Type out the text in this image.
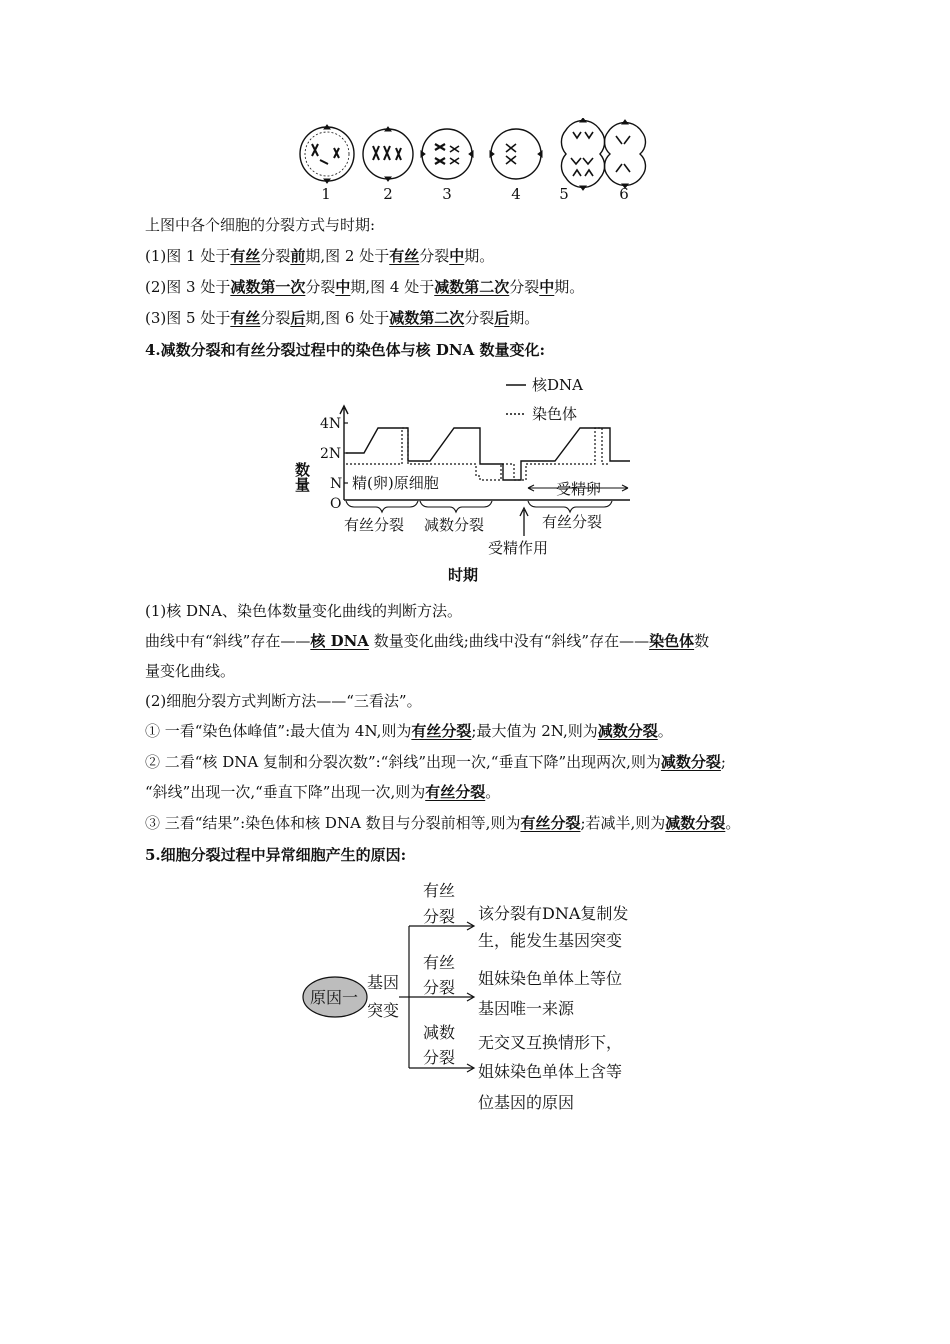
1	2	3	4	5	6
上图中各个细胞的分裂方式与时期:
(1)图 1 处于有丝分裂前期,图 2 处于有丝分裂中期。
(2)图 3 处于减数第一次分裂中期,图 4 处于减数第二次分裂中期。
(3)图 5 处于有丝分裂后期,图 6 处于减数第二次分裂后期。
4.减数分裂和有丝分裂过程中的染色体与核 DNA 数量变化:
核DNA
染色体
4N
2N
N
O
数量	精(卵)原细胞	受精卵
有丝分裂 减数分裂	有丝分裂
受精作用
时期
(1)核 DNA、染色体数量变化曲线的判断方法。
曲线中有“斜线”存在——核 DNA 数量变化曲线;曲线中没有“斜线”存在——染色体数
量变化曲线。
(2)细胞分裂方式判断方法——“三看法”。
① 一看“染色体峰值”:最大值为 4N,则为有丝分裂;最大值为 2N,则为减数分裂。
② 二看“核 DNA 复制和分裂次数”:“斜线”出现一次,“垂直下降”出现两次,则为减数分裂;
“斜线”出现一次,“垂直下降”出现一次,则为有丝分裂。
③ 三看“结果”:染色体和核 DNA 数目与分裂前相等,则为有丝分裂;若减半,则为减数分裂。
5.细胞分裂过程中异常细胞产生的原因:
原因一
基因
突变
有丝
分裂
有丝
分裂
减数
分裂
该分裂有DNA复制发
生，能发生基因突变
姐妹染色单体上等位
基因唯一来源
无交叉互换情形下，
姐妹染色单体上含等
位基因的原因
